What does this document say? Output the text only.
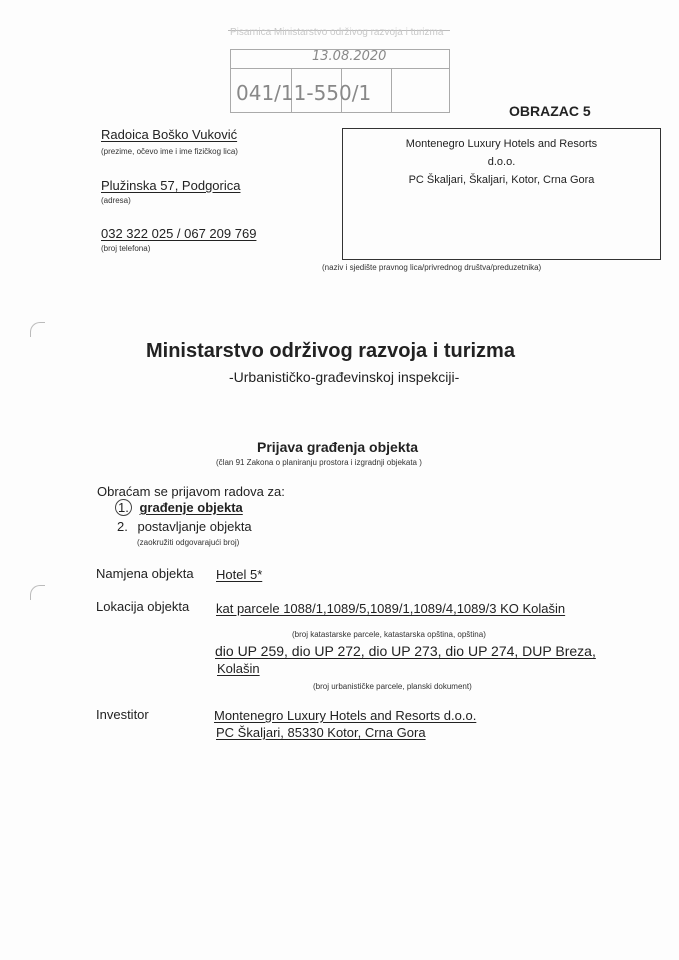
Pisarnica Ministarstvo održivog razvoja i turizma
13.08.2020
041/11-550/1
OBRAZAC 5
Radoica Boško Vuković
(prezime, očevo ime i ime fizičkog lica)
Plužinska 57, Podgorica
(adresa)
032 322 025 / 067 209 769
(broj telefona)
Montenegro Luxury Hotels and Resorts
d.o.o.
PC Škaljari, Škaljari, Kotor, Crna Gora
(naziv i sjedište pravnog lica/privrednog društva/preduzetnika)
Ministarstvo održivog razvoja i turizma
-Urbanističko-građevinskoj inspekciji-
Prijava građenja objekta
(član 91 Zakona o planiranju prostora i izgradnji objekata )
Obraćam se prijavom radova za:
1. građenje objekta
2. postavljanje objekta
(zaokružiti odgovarajući broj)
Namjena objekta Hotel 5*
Lokacija objekta kat parcele 1088/1,1089/5,1089/1,1089/4,1089/3 KO Kolašin
(broj katastarske parcele, katastarska opština, opština)
dio UP 259, dio UP 272, dio UP 273, dio UP 274, DUP Breza,
Kolašin
(broj urbanističke parcele, planski dokument)
Investitor	Montenegro Luxury Hotels and Resorts d.o.o.
PC Škaljari, 85330 Kotor, Crna Gora
